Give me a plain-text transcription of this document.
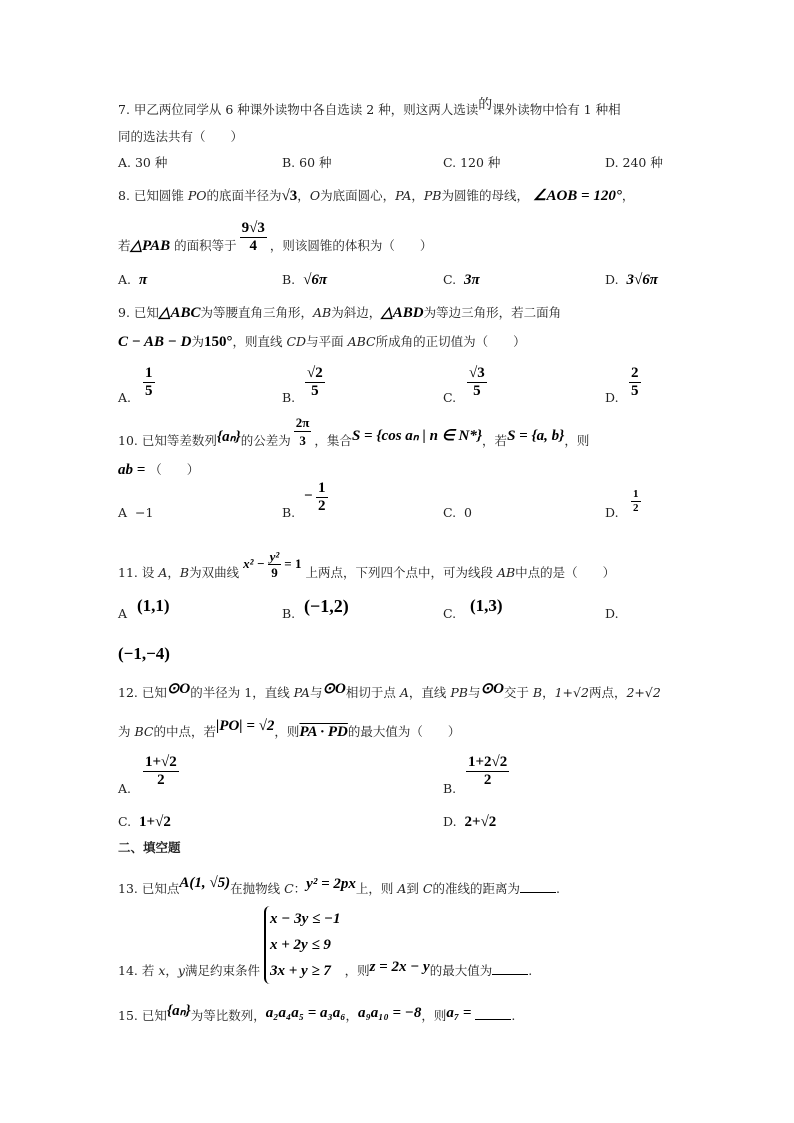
7. 甲乙两位同学从 6 种课外读物中各自选读 2 种，则这两人选读的课外读物中恰有 1 种相
同的选法共有（　　）
A. 30 种	B. 60 种	C. 120 种	D. 240 种
8. 已知圆锥 PO的底面半径为√3，O为底面圆心，PA，PB为圆锥的母线， ∠AOB = 120°，
若△PAB 的面积等于 $\frac{9√3}{4}$ ，则该圆锥的体积为（　　）
A. π	B. √6π	C. 3π	D. 3√6π
9. 已知△ABC为等腰直角三角形，AB为斜边，△ABD为等边三角形，若二面角
C − AB − D为150°，则直线 CD与平面 ABC所成角的正切值为（　　）
A. $\frac{1}{5}$	B. $\frac{√2}{5}$	C. $\frac{√3}{5}$	D. $\frac{2}{5}$
10. 已知等差数列{aₙ}的公差为 $\frac{2\pi}{3}$ ，集合S = {cos aₙ | n ∈ N*}，若S = {a, b}，则
ab = （　　）
A −1	B.
− $\frac{1}{2}$	C. 0	D. $\frac{1}{2}$
11. 设 A，B为双曲线$x^2 - \frac{\text{y²}}{9} = 1$上两点，下列四个点中，可为线段 AB中点的是（　　）
A (1,1)	B. (−1,2)	C. (1,3)	D.
(−1,−4)
12. 已知⊙O的半径为 1，直线 PA与⊙O相切于点 A，直线 PB与⊙O交于 B，1+√2两点，2+√2
为 BC的中点，若|PO| = √2，则PA · PD的最大值为（　　）
A. $\frac{1+√2}{2}$	B. $\frac{1+2√2}{2}$
C. 1+√2	D. 2+√2
二、填空题
13. 已知点A(1, √5)在抛物线 C：y² = 2px上，则 A到 C的准线的距离为	.
14. 若 x，y满足约束条件
x − 3y ≤ −1
x + 2y ≤ 9
3x + y ≥ 7	，则z = 2x − y的最大值为	.
15. 已知{aₙ}为等比数列，a₂a₄a₅ = a₃a₆，a₉a₁₀ = −8，则a₇ =	.
